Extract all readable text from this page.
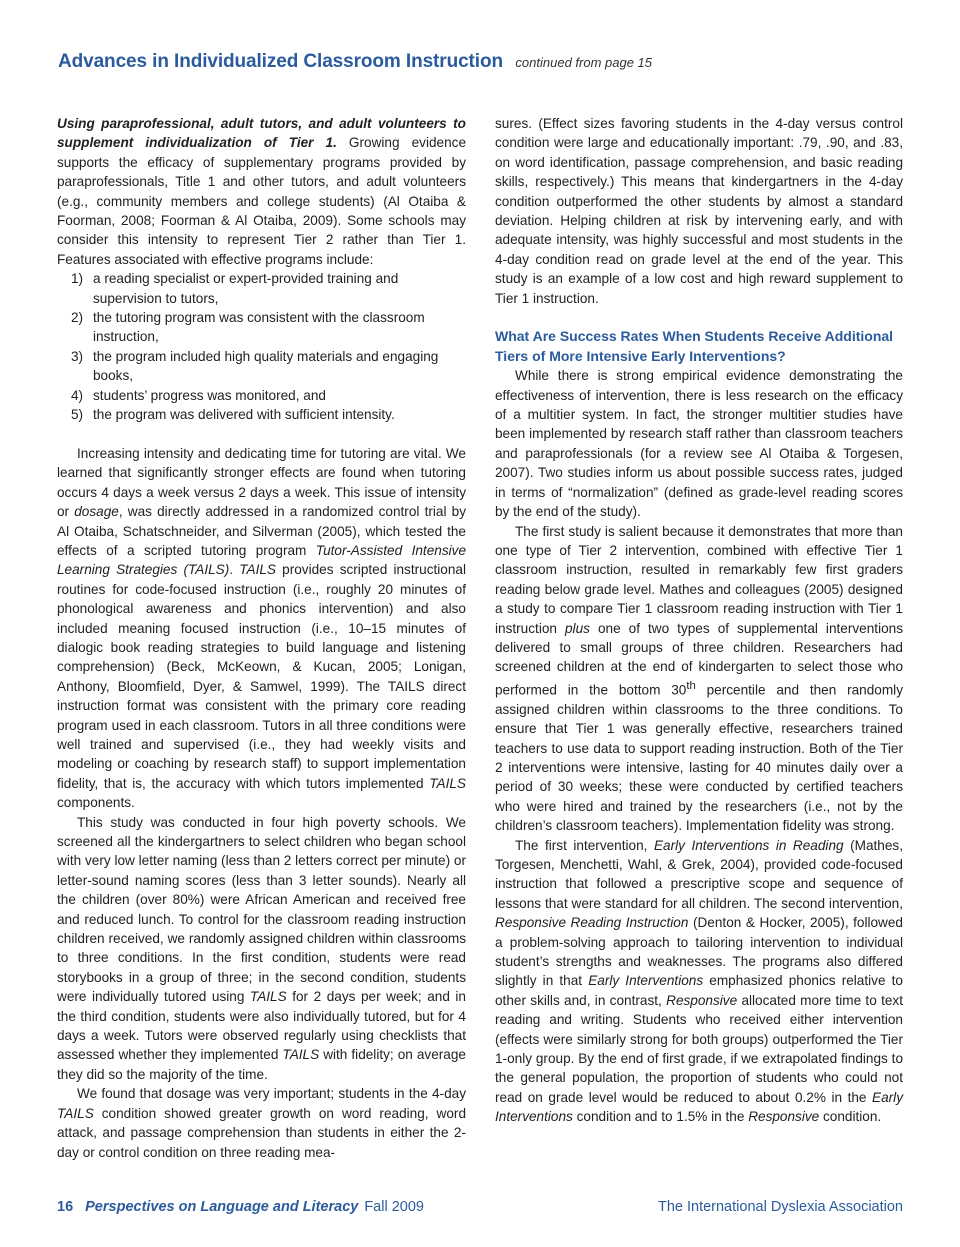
Advances in Individualized Classroom Instruction continued from page 15

Using paraprofessional, adult tutors, and adult volunteers to supplement individualization of Tier 1. Growing evidence supports the efficacy of supplementary programs provided by paraprofessionals, Title 1 and other tutors, and adult volunteers (e.g., community members and college students) (Al Otaiba & Foorman, 2008; Foorman & Al Otaiba, 2009). Some schools may consider this intensity to represent Tier 2 rather than Tier 1. Features associated with effective programs include:

1) a reading specialist or expert-provided training and supervision to tutors,
2) the tutoring program was consistent with the classroom instruction,
3) the program included high quality materials and engaging books,
4) students’ progress was monitored, and
5) the program was delivered with sufficient intensity.

Increasing intensity and dedicating time for tutoring are vital. We learned that significantly stronger effects are found when tutoring occurs 4 days a week versus 2 days a week. This issue of intensity or dosage, was directly addressed in a randomized control trial by Al Otaiba, Schatschneider, and Silverman (2005), which tested the effects of a scripted tutoring program Tutor-Assisted Intensive Learning Strategies (TAILS). TAILS provides scripted instructional routines for code-focused instruction (i.e., roughly 20 minutes of phonological awareness and phonics intervention) and also included meaning focused instruction (i.e., 10–15 minutes of dialogic book reading strategies to build language and listening comprehension) (Beck, McKeown, & Kucan, 2005; Lonigan, Anthony, Bloomfield, Dyer, & Samwel, 1999). The TAILS direct instruction format was consistent with the primary core reading program used in each classroom. Tutors in all three conditions were well trained and supervised (i.e., they had weekly visits and modeling or coaching by research staff) to support implementation fidelity, that is, the accuracy with which tutors implemented TAILS components.

This study was conducted in four high poverty schools. We screened all the kindergartners to select children who began school with very low letter naming (less than 2 letters correct per minute) or letter-sound naming scores (less than 3 letter sounds). Nearly all the children (over 80%) were African American and received free and reduced lunch. To control for the classroom reading instruction children received, we randomly assigned children within classrooms to three conditions. In the first condition, students were read storybooks in a group of three; in the second condition, students were individually tutored using TAILS for 2 days per week; and in the third condition, students were also individually tutored, but for 4 days a week. Tutors were observed regularly using checklists that assessed whether they implemented TAILS with fidelity; on average they did so the majority of the time.

We found that dosage was very important; students in the 4-day TAILS condition showed greater growth on word reading, word attack, and passage comprehension than students in either the 2-day or control condition on three reading mea-

sures. (Effect sizes favoring students in the 4-day versus control condition were large and educationally important: .79, .90, and .83, on word identification, passage comprehension, and basic reading skills, respectively.) This means that kindergartners in the 4-day condition outperformed the other students by almost a standard deviation. Helping children at risk by intervening early, and with adequate intensity, was highly successful and most students in the 4-day condition read on grade level at the end of the year. This study is an example of a low cost and high reward supplement to Tier 1 instruction.

What Are Success Rates When Students Receive Additional Tiers of More Intensive Early Interventions?

While there is strong empirical evidence demonstrating the effectiveness of intervention, there is less research on the efficacy of a multitier system. In fact, the stronger multitier studies have been implemented by research staff rather than classroom teachers and paraprofessionals (for a review see Al Otaiba & Torgesen, 2007). Two studies inform us about possible success rates, judged in terms of “normalization” (defined as grade-level reading scores by the end of the study).

The first study is salient because it demonstrates that more than one type of Tier 2 intervention, combined with effective Tier 1 classroom instruction, resulted in remarkably few first graders reading below grade level. Mathes and colleagues (2005) designed a study to compare Tier 1 classroom reading instruction with Tier 1 instruction plus one of two types of supplemental interventions delivered to small groups of three children. Researchers had screened children at the end of kindergarten to select those who performed in the bottom 30th percentile and then randomly assigned children within classrooms to the three conditions. To ensure that Tier 1 was generally effective, researchers trained teachers to use data to support reading instruction. Both of the Tier 2 interventions were intensive, lasting for 40 minutes daily over a period of 30 weeks; these were conducted by certified teachers who were hired and trained by the researchers (i.e., not by the children’s classroom teachers). Implementation fidelity was strong.

The first intervention, Early Interventions in Reading (Mathes, Torgesen, Menchetti, Wahl, & Grek, 2004), provided code-focused instruction that followed a prescriptive scope and sequence of lessons that were standard for all children. The second intervention, Responsive Reading Instruction (Denton & Hocker, 2005), followed a problem-solving approach to tailoring intervention to individual student’s strengths and weaknesses. The programs also differed slightly in that Early Interventions emphasized phonics relative to other skills and, in contrast, Responsive allocated more time to text reading and writing. Students who received either intervention (effects were similarly strong for both groups) outperformed the Tier 1-only group. By the end of first grade, if we extrapolated findings to the general population, the proportion of students who could not read on grade level would be reduced to about 0.2% in the Early Interventions condition and to 1.5% in the Responsive condition.

16 Perspectives on Language and Literacy Fall 2009	The International Dyslexia Association
